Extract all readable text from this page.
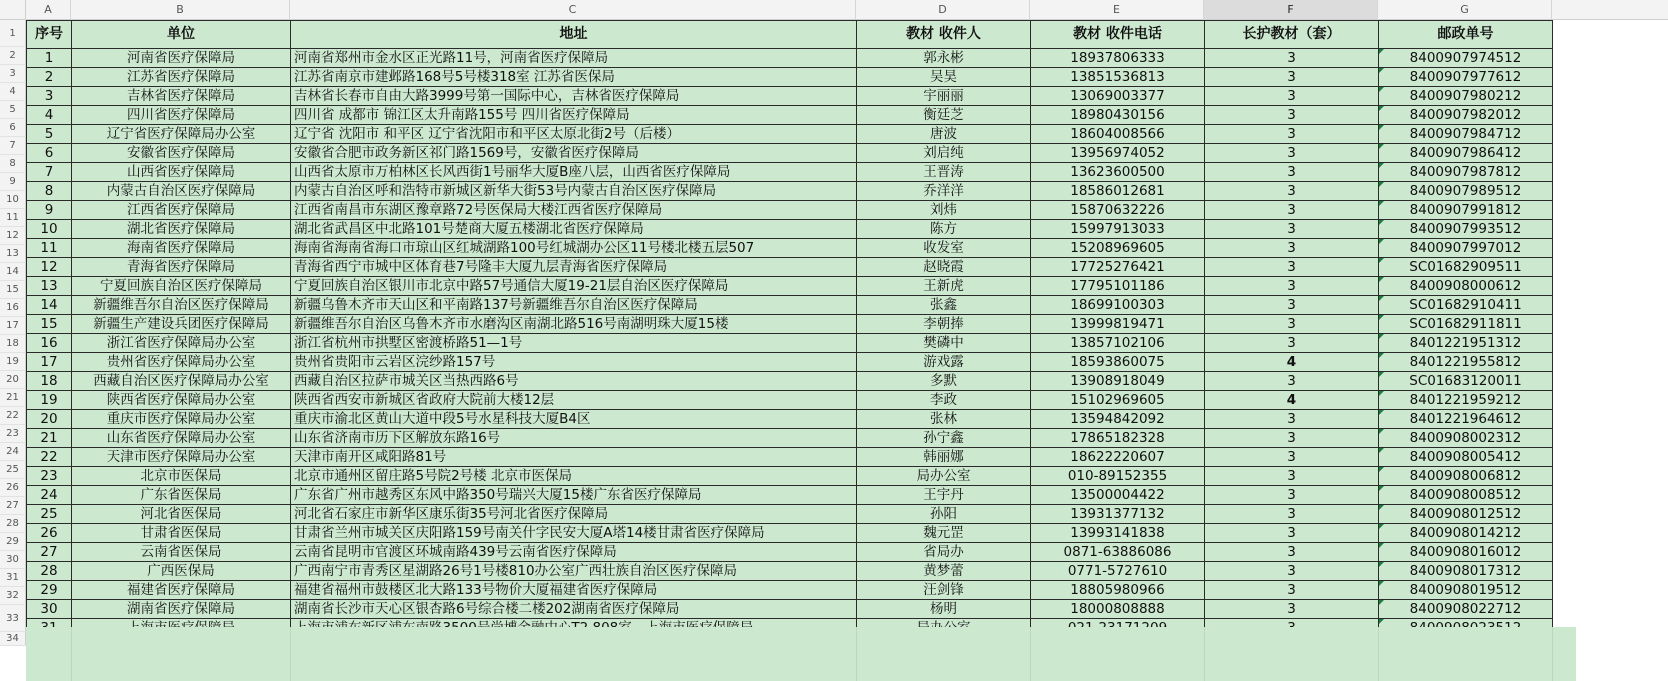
A	B	C	D	E	F	G
1
2
3
4
5
6
7
8
9
10
11
12
13
14
15
16
17
18
19
20
21
22
23
24
25
26
27
28
29
30
31
32
33
34
序号	单位	地址	教材 收件人	教材 收件电话	长护教材（套）	邮政单号
1	河南省医疗保障局	河南省郑州市金水区正光路11号，河南省医疗保障局	郭永彬	18937806333	3	8400907974512
2	江苏省医疗保障局	江苏省南京市建邺路168号5号楼318室 江苏省医保局	吴昊	13851536813	3	8400907977612
3	吉林省医疗保障局	吉林省长春市自由大路3999号第一国际中心，吉林省医疗保障局	宇丽丽	13069003377	3	8400907980212
4	四川省医疗保障局	四川省 成都市 锦江区太升南路155号 四川省医疗保障局	衡廷芝	18980430156	3	8400907982012
5	辽宁省医疗保障局办公室	辽宁省 沈阳市 和平区 辽宁省沈阳市和平区太原北街2号（后楼）	唐波	18604008566	3	8400907984712
6	安徽省医疗保障局	安徽省合肥市政务新区祁门路1569号，安徽省医疗保障局	刘启纯	13956974052	3	8400907986412
7	山西省医疗保障局	山西省太原市万柏林区长风西街1号丽华大厦B座八层，山西省医疗保障局	王晋涛	13623600500	3	8400907987812
8	内蒙古自治区医疗保障局	内蒙古自治区呼和浩特市新城区新华大街53号内蒙古自治区医疗保障局	乔洋洋	18586012681	3	8400907989512
9	江西省医疗保障局	江西省南昌市东湖区豫章路72号医保局大楼江西省医疗保障局	刘炜	15870632226	3	8400907991812
10	湖北省医疗保障局	湖北省武昌区中北路101号楚商大厦五楼湖北省医疗保障局	陈方	15997913033	3	8400907993512
11	海南省医疗保障局	海南省海南省海口市琼山区红城湖路100号红城湖办公区11号楼北楼五层507	收发室	15208969605	3	8400907997012
12	青海省医疗保障局	青海省西宁市城中区体育巷7号隆丰大厦九层青海省医疗保障局	赵晓霞	17725276421	3	SC01682909511
13	宁夏回族自治区医疗保障局	宁夏回族自治区银川市北京中路57号通信大厦19-21层自治区医疗保障局	王新虎	17795101186	3	8400908000612
14	新疆维吾尔自治区医疗保障局	新疆乌鲁木齐市天山区和平南路137号新疆维吾尔自治区医疗保障局	张鑫	18699100303	3	SC01682910411
15	新疆生产建设兵团医疗保障局	新疆维吾尔自治区乌鲁木齐市水磨沟区南湖北路516号南湖明珠大厦15楼	李朝捧	13999819471	3	SC01682911811
16	浙江省医疗保障局办公室	浙江省杭州市拱墅区密渡桥路51—1号	樊磷中	13857102106	3	8401221951312
17	贵州省医疗保障局办公室	贵州省贵阳市云岩区浣纱路157号	游戏露	18593860075	4	8401221955812
18	西藏自治区医疗保障局办公室	西藏自治区拉萨市城关区当热西路6号	多默	13908918049	3	SC01683120011
19	陕西省医疗保障局办公室	陕西省西安市新城区省政府大院前大楼12层	李政	15102969605	4	8401221959212
20	重庆市医疗保障局办公室	重庆市渝北区黄山大道中段5号水星科技大厦B4区	张林	13594842092	3	8401221964612
21	山东省医疗保障局办公室	山东省济南市历下区解放东路16号	孙宁鑫	17865182328	3	8400908002312
22	天津市医疗保障局办公室	天津市南开区咸阳路81号	韩丽娜	18622220607	3	8400908005412
23	北京市医保局	北京市通州区留庄路5号院2号楼 北京市医保局	局办公室	010-89152355	3	8400908006812
24	广东省医保局	广东省广州市越秀区东风中路350号瑞兴大厦15楼广东省医疗保障局	王宇丹	13500004422	3	8400908008512
25	河北省医保局	河北省石家庄市新华区康乐街35号河北省医疗保障局	孙阳	13931377132	3	8400908012512
26	甘肃省医保局	甘肃省兰州市城关区庆阳路159号南关什字民安大厦A塔14楼甘肃省医疗保障局	魏元罡	13993141838	3	8400908014212
27	云南省医保局	云南省昆明市官渡区环城南路439号云南省医疗保障局	省局办	0871-63886086	3	8400908016012
28	广西医保局	广西南宁市青秀区星湖路26号1号楼810办公室广西壮族自治区医疗保障局	黄梦蕾	0771-5727610	3	8400908017312
29	福建省医疗保障局	福建省福州市鼓楼区北大路133号物价大厦福建省医疗保障局	汪剑锋	18805980966	3	8400908019512
30	湖南省医疗保障局	湖南省长沙市天心区银杏路6号综合楼二楼202湖南省医疗保障局	杨明	18000808888	3	8400908022712
